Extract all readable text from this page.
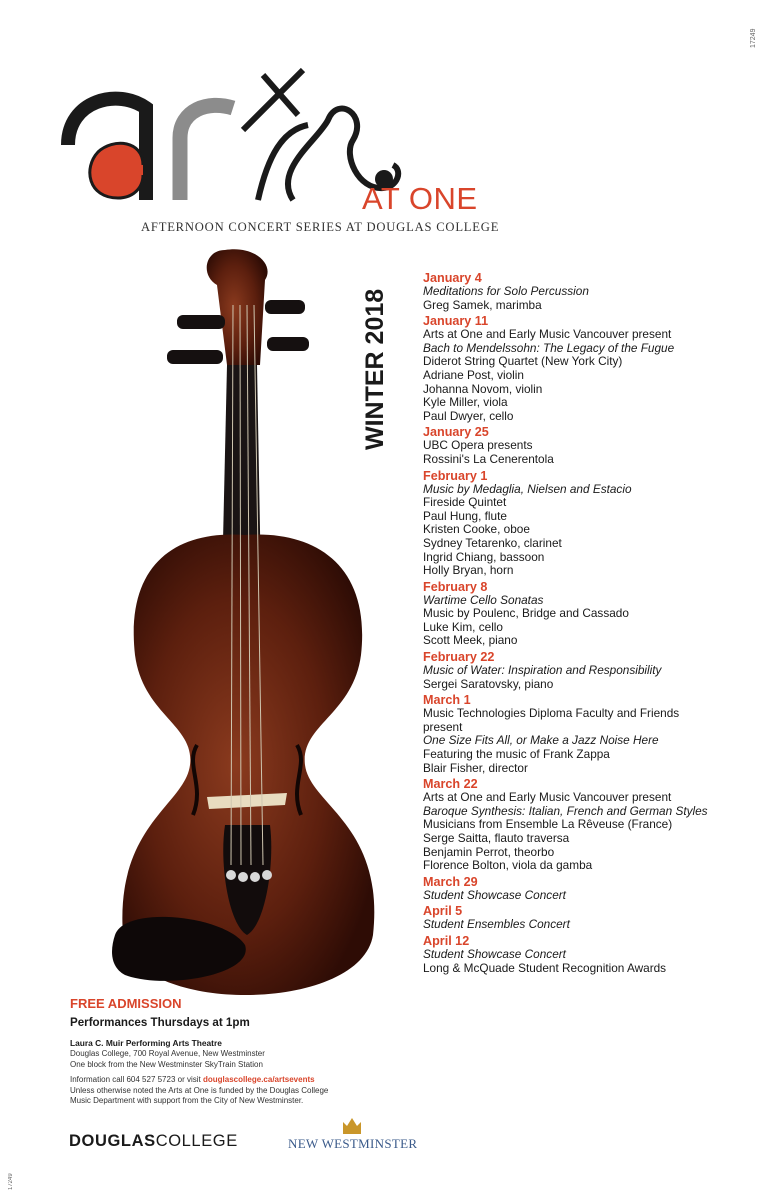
17249
AT ONE
AFTERNOON CONCERT SERIES AT DOUGLAS COLLEGE
WINTER 2018
January 4
Meditations for Solo Percussion
Greg Samek, marimba
January 11
Arts at One and Early Music Vancouver present
Bach to Mendelssohn: The Legacy of the Fugue
Diderot String Quartet (New York City)
Adriane Post, violin
Johanna Novom, violin
Kyle Miller, viola
Paul Dwyer, cello
January 25
UBC Opera presents
Rossini's La Cenerentola
February 1
Music by Medaglia, Nielsen and Estacio
Fireside Quintet
Paul Hung, flute
Kristen Cooke, oboe
Sydney Tetarenko, clarinet
Ingrid Chiang, bassoon
Holly Bryan, horn
February 8
Wartime Cello Sonatas
Music by Poulenc, Bridge and Cassado
Luke Kim, cello
Scott Meek, piano
February 22
Music of Water: Inspiration and Responsibility
Sergei Saratovsky, piano
March 1
Music Technologies Diploma Faculty and Friends
present
One Size Fits All, or Make a Jazz Noise Here
Featuring the music of Frank Zappa
Blair Fisher, director
March 22
Arts at One and Early Music Vancouver present
Baroque Synthesis: Italian, French and German Styles
Musicians from Ensemble La Rêveuse (France)
Serge Saitta, flauto traversa
Benjamin Perrot, theorbo
Florence Bolton, viola da gamba
March 29
Student Showcase Concert
April 5
Student Ensembles Concert
April 12
Student Showcase Concert
Long & McQuade Student Recognition Awards
FREE ADMISSION
Performances Thursdays at 1pm
Laura C. Muir Performing Arts Theatre
Douglas College, 700 Royal Avenue, New Westminster
One block from the New Westminster SkyTrain Station
Information call 604 527 5723 or visit douglascollege.ca/artsevents
Unless otherwise noted the Arts at One is funded by the Douglas College
Music Department with support from the City of New Westminster.
DOUGLASCOLLEGE	NEW WESTMINSTER
17249
